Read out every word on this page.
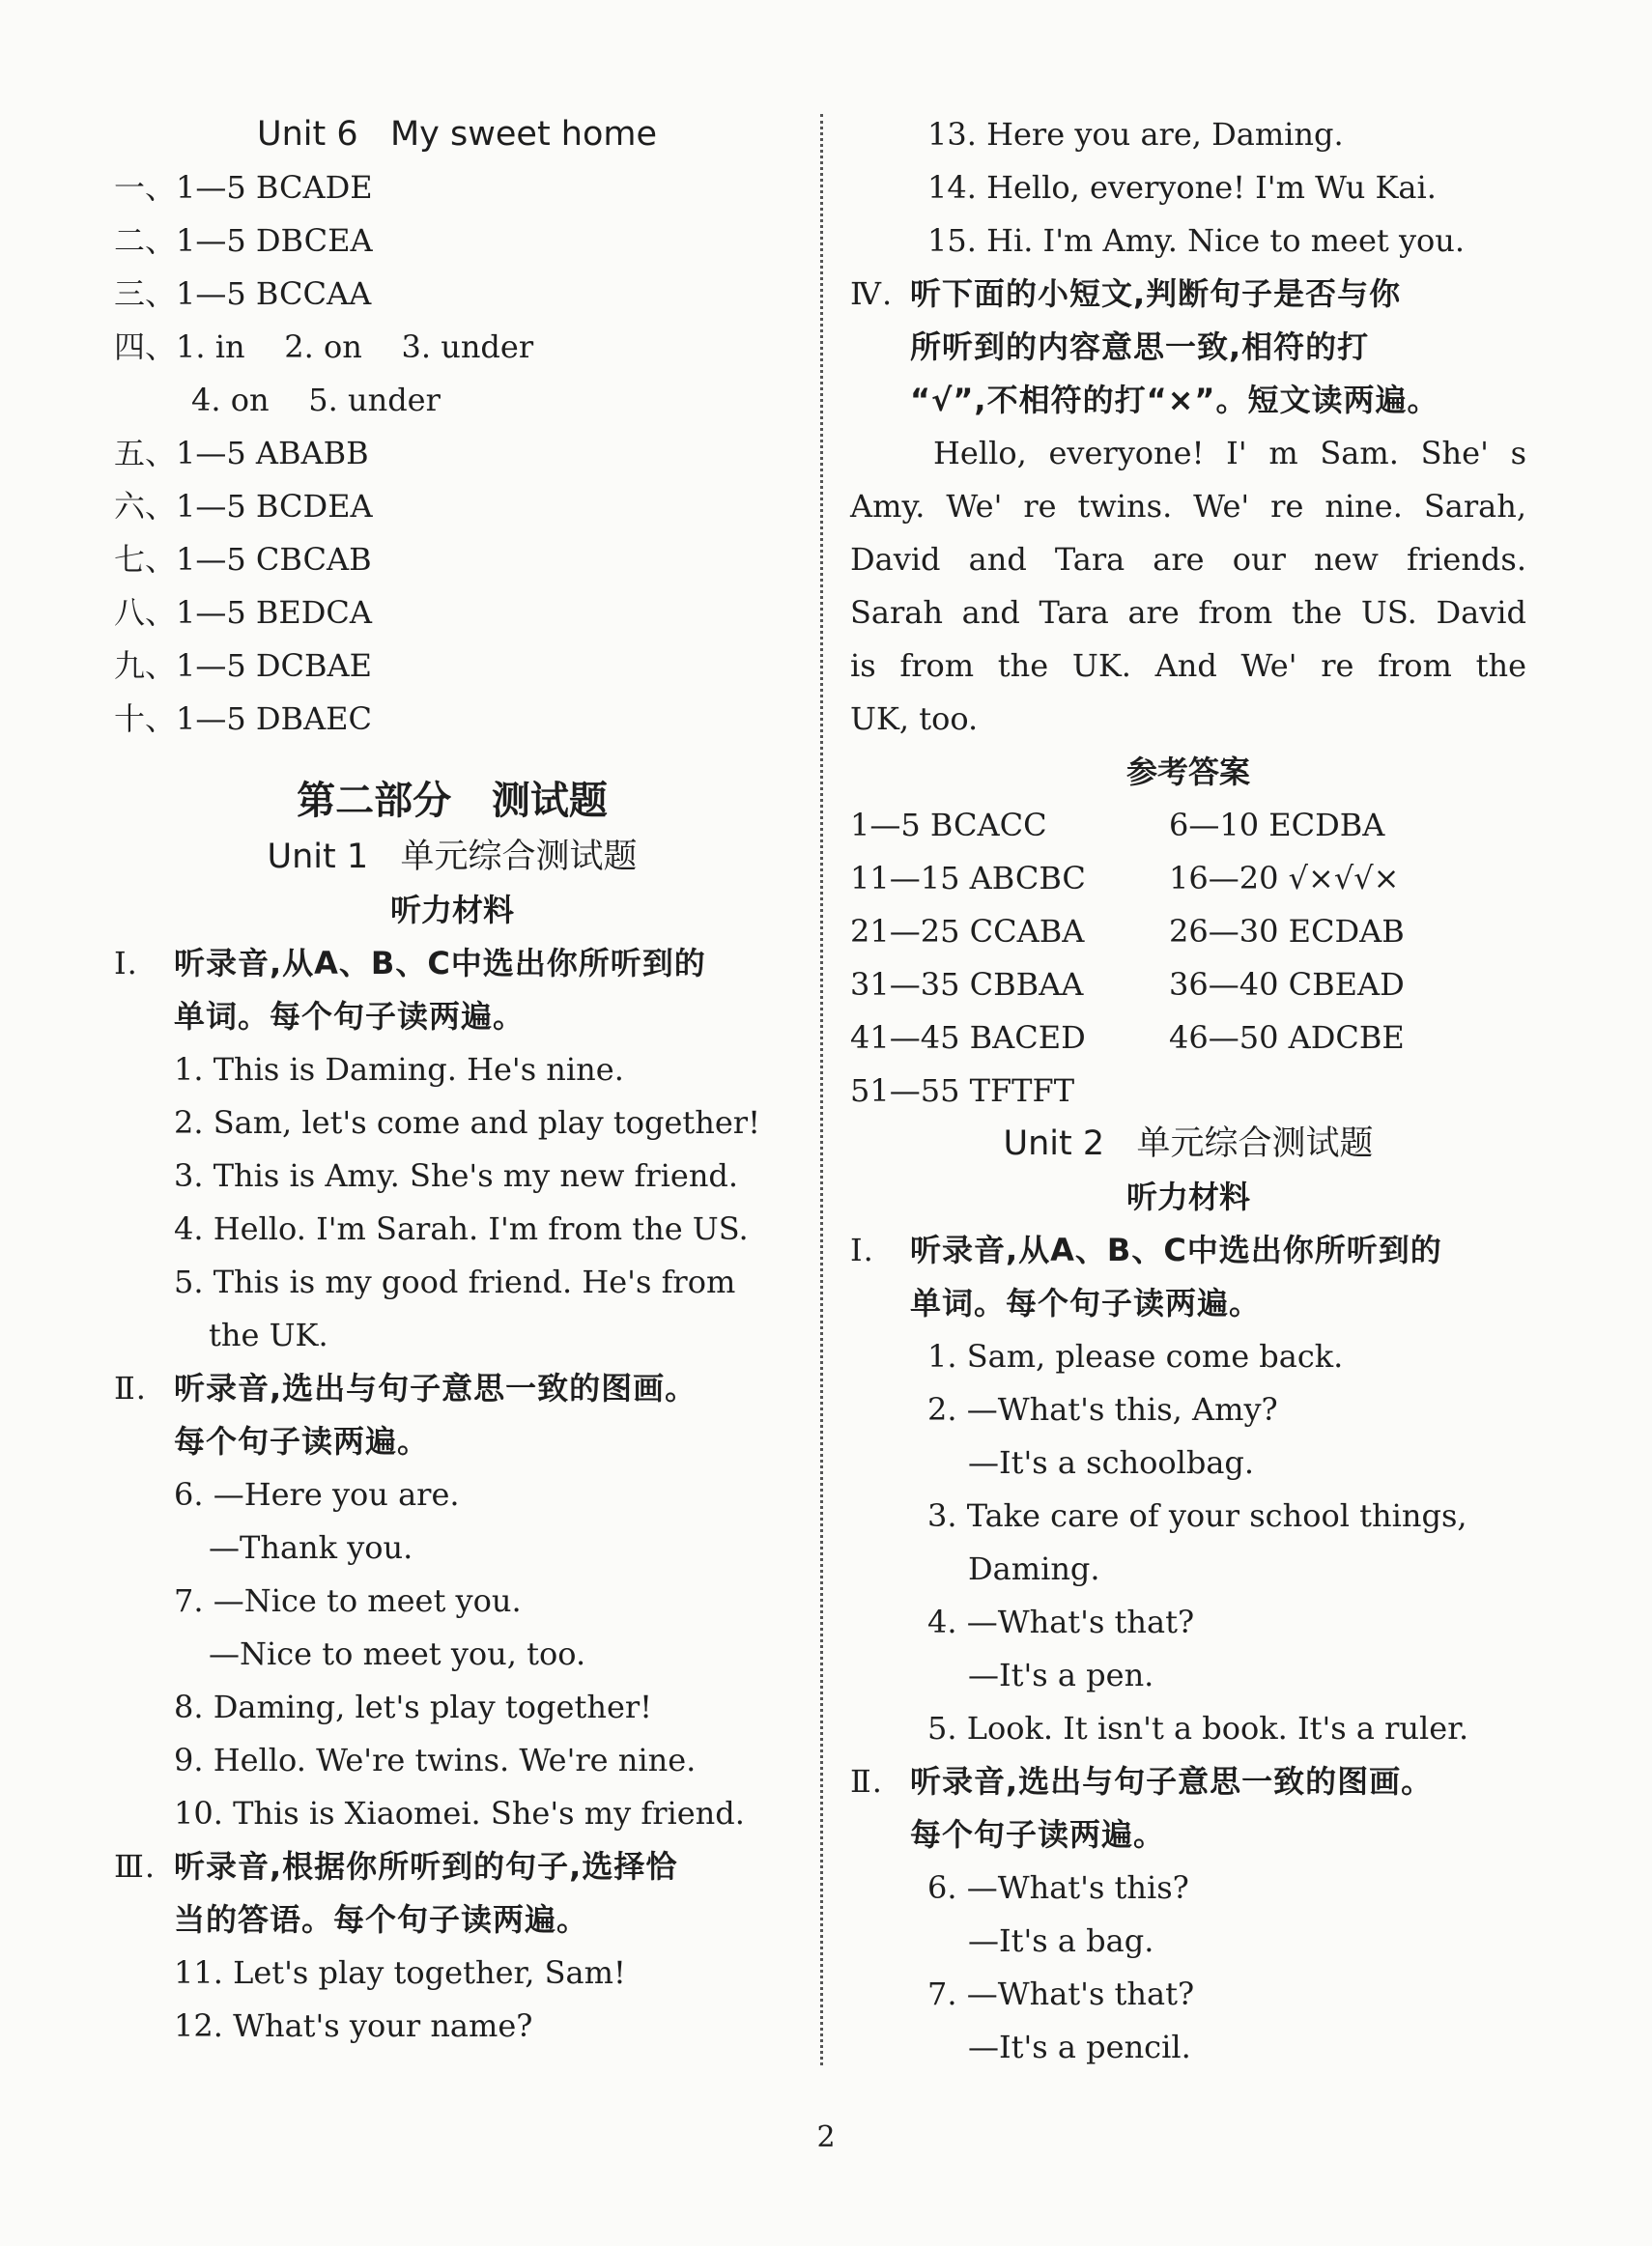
Unit 6   My sweet home
一、1—5 BCADE
二、1—5 DBCEA
三、1—5 BCCAA
四、1. in    2. on    3. under
4. on    5. under
五、1—5 ABABB
六、1—5 BCDEA
七、1—5 CBCAB
八、1—5 BEDCA
九、1—5 DCBAE
十、1—5 DBAEC
第二部分   测试题
Unit 1   单元综合测试题
听力材料
Ⅰ. 听录音,从A、B、C中选出你所听到的
单词。每个句子读两遍。
1. This is Daming. He's nine.
2. Sam, let's come and play together!
3. This is Amy. She's my new friend.
4. Hello. I'm Sarah. I'm from the US.
5. This is my good friend. He's from
the UK.
Ⅱ. 听录音,选出与句子意思一致的图画。
每个句子读两遍。
6. —Here you are.
—Thank you.
7. —Nice to meet you.
—Nice to meet you, too.
8. Daming, let's play together!
9. Hello. We're twins. We're nine.
10. This is Xiaomei. She's my friend.
Ⅲ. 听录音,根据你所听到的句子,选择恰
当的答语。每个句子读两遍。
11. Let's play together, Sam!
12. What's your name?
13. Here you are, Daming.
14. Hello, everyone! I'm Wu Kai.
15. Hi. I'm Amy. Nice to meet you.
Ⅳ. 听下面的小短文,判断句子是否与你
所听到的内容意思一致,相符的打
“√”,不相符的打“×”。短文读两遍。
Hello, everyone! I' m Sam. She' s
Amy. We' re twins. We' re nine. Sarah,
David and Tara are our new friends.
Sarah and Tara are from the US. David
is from the UK. And We' re from the
UK, too.
参考答案
1—5 BCACC	6—10 ECDBA
11—15 ABCBC	16—20 √×√√×
21—25 CCABA	26—30 ECDAB
31—35 CBBAA	36—40 CBEAD
41—45 BACED	46—50 ADCBE
51—55 TFTFT
Unit 2   单元综合测试题
听力材料
Ⅰ. 听录音,从A、B、C中选出你所听到的
单词。每个句子读两遍。
1. Sam, please come back.
2. —What's this, Amy?
—It's a schoolbag.
3. Take care of your school things,
Daming.
4. —What's that?
—It's a pen.
5. Look. It isn't a book. It's a ruler.
Ⅱ. 听录音,选出与句子意思一致的图画。
每个句子读两遍。
6. —What's this?
—It's a bag.
7. —What's that?
—It's a pencil.
2
